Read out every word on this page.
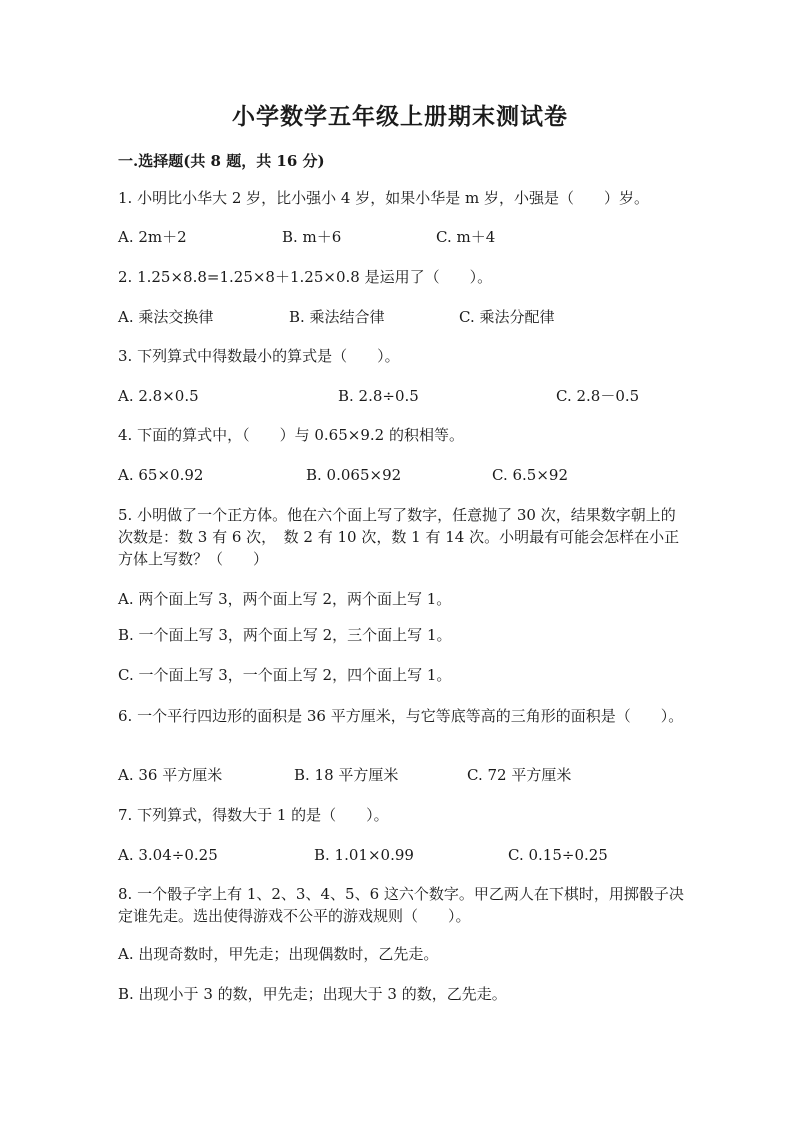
小学数学五年级上册期末测试卷
一.选择题(共 8 题，共 16 分)
1. 小明比小华大 2 岁，比小强小 4 岁，如果小华是 m 岁，小强是（　　）岁。
A. 2m＋2	B. m＋6	C. m＋4
2. 1.25×8.8=1.25×8＋1.25×0.8 是运用了（　　）。
A. 乘法交换律	B. 乘法结合律	C. 乘法分配律
3. 下列算式中得数最小的算式是（　　）。
A. 2.8×0.5	B. 2.8÷0.5	C. 2.8－0.5
4. 下面的算式中，（　　）与 0.65×9.2 的积相等。
A. 65×0.92	B. 0.065×92	C. 6.5×92
5. 小明做了一个正方体。他在六个面上写了数字，任意抛了 30 次，结果数字朝上的次数是：数 3 有 6 次，　数 2 有 10 次，数 1 有 14 次。小明最有可能会怎样在小正方体上写数？（　　）
A. 两个面上写 3，两个面上写 2，两个面上写 1。
B. 一个面上写 3，两个面上写 2，三个面上写 1。
C. 一个面上写 3，一个面上写 2，四个面上写 1。
6. 一个平行四边形的面积是 36 平方厘米，与它等底等高的三角形的面积是（　　）。
A. 36 平方厘米	B. 18 平方厘米	C. 72 平方厘米
7. 下列算式，得数大于 1 的是（　　）。
A. 3.04÷0.25	B. 1.01×0.99	C. 0.15÷0.25
8. 一个骰子字上有 1、2、3、4、5、6 这六个数字。甲乙两人在下棋时，用掷骰子决定谁先走。选出使得游戏不公平的游戏规则（　　）。
A. 出现奇数时，甲先走；出现偶数时，乙先走。
B. 出现小于 3 的数，甲先走；出现大于 3 的数，乙先走。
